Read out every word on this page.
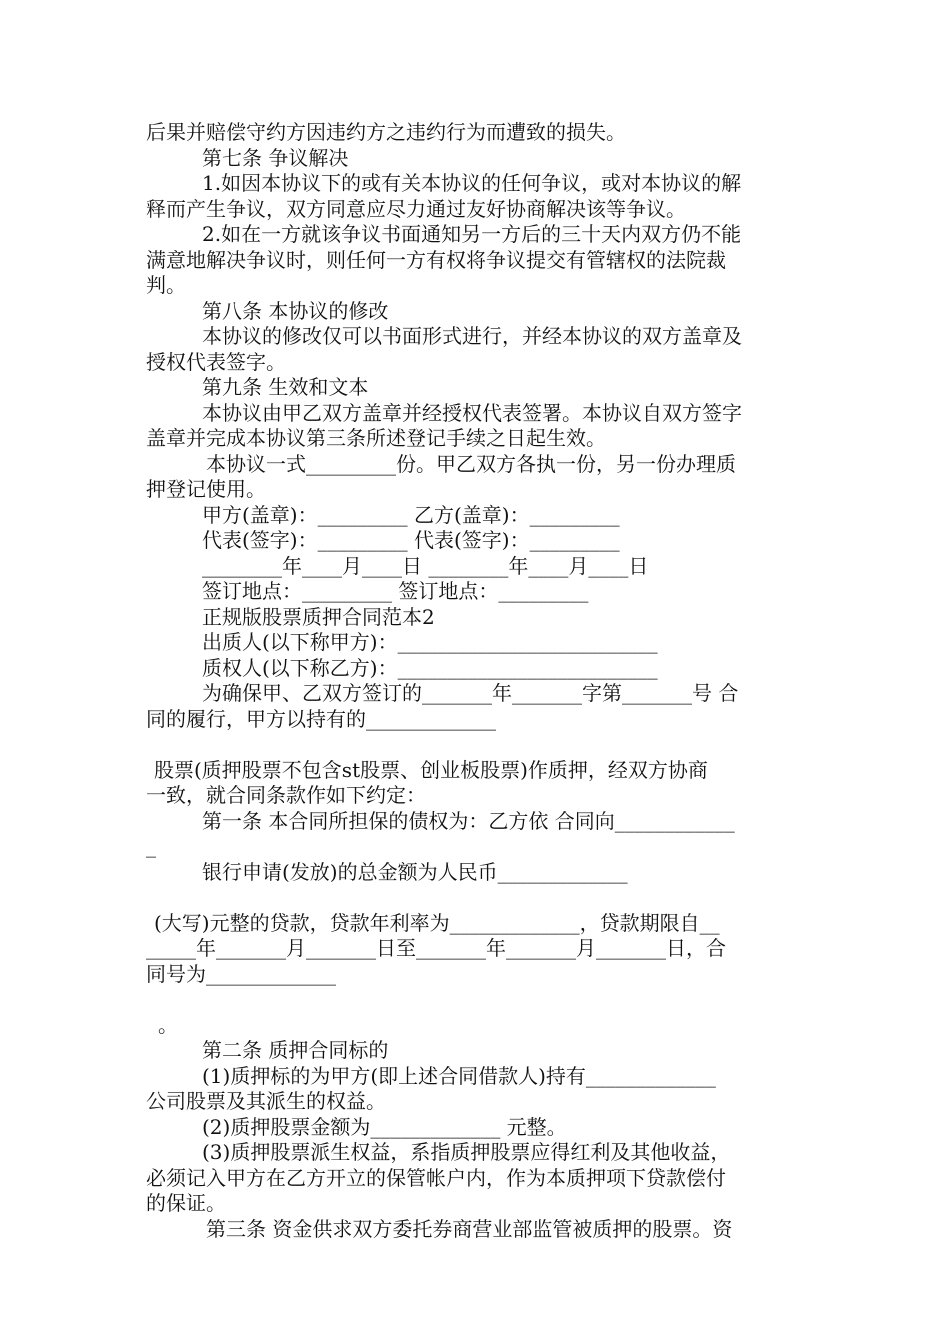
后果并赔偿守约方因违约方之违约行为而遭致的损失。
第七条 争议解决
1.如因本协议下的或有关本协议的任何争议，或对本协议的解
释而产生争议，双方同意应尽力通过友好协商解决该等争议。
2.如在一方就该争议书面通知另一方后的三十天内双方仍不能
满意地解决争议时，则任何一方有权将争议提交有管辖权的法院裁
判。
第八条 本协议的修改
本协议的修改仅可以书面形式进行，并经本协议的双方盖章及
授权代表签字。
第九条 生效和文本
本协议由甲乙双方盖章并经授权代表签署。本协议自双方签字
盖章并完成本协议第三条所述登记手续之日起生效。
本协议一式_________份。甲乙双方各执一份，另一份办理质
押登记使用。
甲方(盖章)：_________ 乙方(盖章)：_________
代表(签字)：_________ 代表(签字)：_________
________年____月____日 ________年____月____日
签订地点：_________ 签订地点：_________
正规版股票质押合同范本2
出质人(以下称甲方)：__________________________
质权人(以下称乙方)：__________________________
为确保甲、乙双方签订的_______年_______字第_______号 合
同的履行，甲方以持有的_____________
股票(质押股票不包含st股票、创业板股票)作质押，经双方协商
一致，就合同条款作如下约定：
第一条 本合同所担保的债权为：乙方依 合同向____________
_
银行申请(发放)的总金额为人民币_____________
(大写)元整的贷款，贷款年利率为_____________，贷款期限自__
_____年_______月_______日至_______年_______月_______日，合
同号为_____________
。
第二条 质押合同标的
(1)质押标的为甲方(即上述合同借款人)持有_____________
公司股票及其派生的权益。
(2)质押股票金额为_____________ 元整。
(3)质押股票派生权益，系指质押股票应得红利及其他收益，
必须记入甲方在乙方开立的保管帐户内，作为本质押项下贷款偿付
的保证。
第三条 资金供求双方委托券商营业部监管被质押的股票。资
